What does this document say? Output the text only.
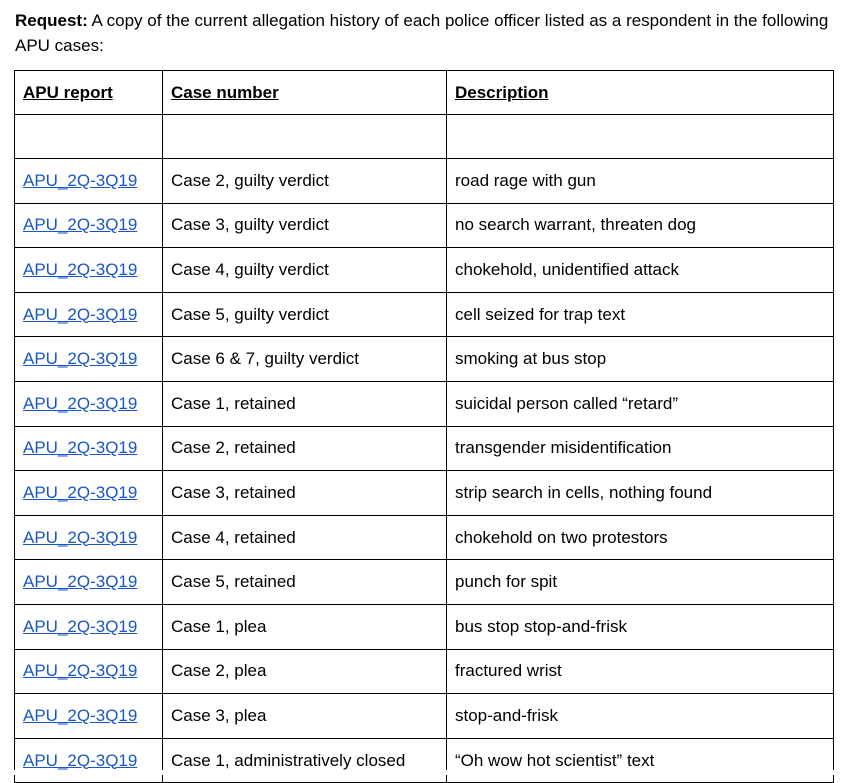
Request: A copy of the current allegation history of each police officer listed as a respondent in the following APU cases:

APU report	Case number	Description

APU_2Q-3Q19	Case 2, guilty verdict	road rage with gun
APU_2Q-3Q19	Case 3, guilty verdict	no search warrant, threaten dog
APU_2Q-3Q19	Case 4, guilty verdict	chokehold, unidentified attack
APU_2Q-3Q19	Case 5, guilty verdict	cell seized for trap text
APU_2Q-3Q19	Case 6 & 7, guilty verdict	smoking at bus stop
APU_2Q-3Q19	Case 1, retained	suicidal person called “retard”
APU_2Q-3Q19	Case 2, retained	transgender misidentification
APU_2Q-3Q19	Case 3, retained	strip search in cells, nothing found
APU_2Q-3Q19	Case 4, retained	chokehold on two protestors
APU_2Q-3Q19	Case 5, retained	punch for spit
APU_2Q-3Q19	Case 1, plea	bus stop stop-and-frisk
APU_2Q-3Q19	Case 2, plea	fractured wrist
APU_2Q-3Q19	Case 3, plea	stop-and-frisk
APU_2Q-3Q19	Case 1, administratively closed	“Oh wow hot scientist” text
